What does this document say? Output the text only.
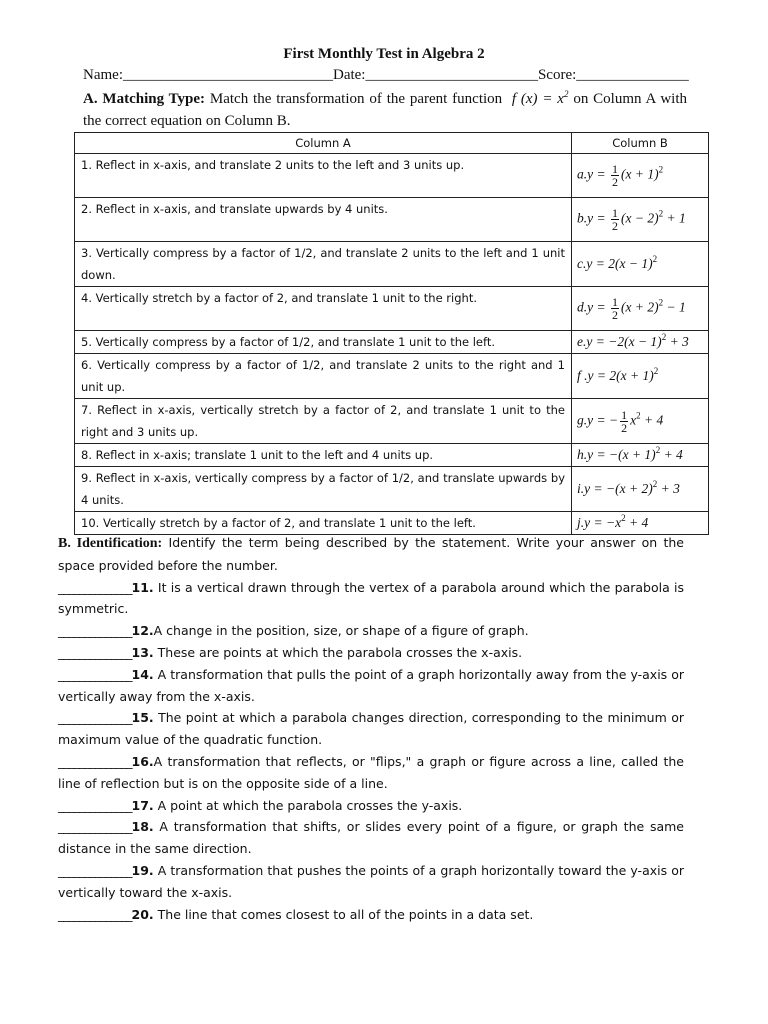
First Monthly Test in Algebra 2
Name:____________________________Date:_______________________Score:_______________
A. Matching Type: Match the transformation of the parent function f $(x) = x^2$ on Column A with the correct equation on Column B.
Column A	Column B
1. Reflect in x-axis, and translate 2 units to the left and 3 units up.	$a.y = \frac{1}{2} (x + 1)^2$
2. Reflect in x-axis, and translate upwards by 4 units.	$b.y = \frac{1}{2} (x - 2)^2 + 1$
3. Vertically compress by a factor of 1/2, and translate 2 units to the left and 1 unit down.	$c.y = 2(x - 1)^2$
4. Vertically stretch by a factor of 2, and translate 1 unit to the right.	$d.y = \frac{1}{2} (x + 2)^2 - 1$
5. Vertically compress by a factor of 1/2, and translate 1 unit to the left.	$e.y = -2(x - 1)^2 + 3$
6. Vertically compress by a factor of 1/2, and translate 2 units to the right and 1 unit up.	f $.y = 2(x + 1)^2$
7. Reflect in x-axis, vertically stretch by a factor of 2, and translate 1 unit to the right and 3 units up.	g.y = − $\frac{1}{2} x^2 + 4$
8. Reflect in x-axis; translate 1 unit to the left and 4 units up.	$h.y = -(x + 1)^2 + 4$
9. Reflect in x-axis, vertically compress by a factor of 1/2, and translate upwards by 4 units.	$i.y = -(x + 2)^2 + 3$
10. Vertically stretch by a factor of 2, and translate 1 unit to the left.	$j.y = -x^2 + 4$

B. Identification: Identify the term being described by the statement. Write your answer on the space provided before the number.

______________11. It is a vertical drawn through the vertex of a parabola around which the parabola is symmetric.

______________12.A change in the position, size, or shape of a figure of graph.

______________13. These are points at which the parabola crosses the x-axis.

______________14. A transformation that pulls the point of a graph horizontally away from the y-axis or vertically away from the x-axis.

______________15. The point at which a parabola changes direction, corresponding to the minimum or maximum value of the quadratic function.

______________16.A transformation that reflects, or "flips," a graph or figure across a line, called the line of reflection but is on the opposite side of a line.

______________17. A point at which the parabola crosses the y-axis.

______________18. A transformation that shifts, or slides every point of a figure, or graph the same distance in the same direction.

______________19. A transformation that pushes the points of a graph horizontally toward the y-axis or vertically toward the x-axis.

______________20. The line that comes closest to all of the points in a data set.
